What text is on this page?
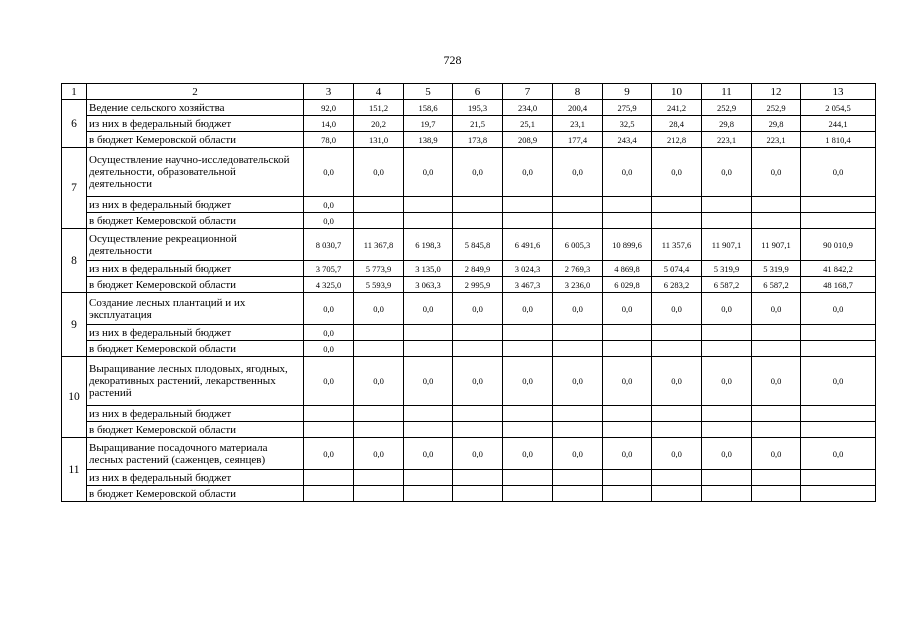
728
1	2	3	4	5	6	7	8	9	10	11	12	13
6	Ведение сельского хозяйства	92,0	151,2	158,6	195,3	234,0	200,4	275,9	241,2	252,9	252,9	2 054,5
	из них в федеральный бюджет	14,0	20,2	19,7	21,5	25,1	23,1	32,5	28,4	29,8	29,8	244,1
	в бюджет Кемеровской области	78,0	131,0	138,9	173,8	208,9	177,4	243,4	212,8	223,1	223,1	1 810,4
7	Осуществление научно-исследовательской деятельности, образовательной деятельности	0,0	0,0	0,0	0,0	0,0	0,0	0,0	0,0	0,0	0,0	0,0
	из них в федеральный бюджет	0,0										
	в бюджет Кемеровской области	0,0										
8	Осуществление рекреационной деятельности	8 030,7	11 367,8	6 198,3	5 845,8	6 491,6	6 005,3	10 899,6	11 357,6	11 907,1	11 907,1	90 010,9
	из них в федеральный бюджет	3 705,7	5 773,9	3 135,0	2 849,9	3 024,3	2 769,3	4 869,8	5 074,4	5 319,9	5 319,9	41 842,2
	в бюджет Кемеровской области	4 325,0	5 593,9	3 063,3	2 995,9	3 467,3	3 236,0	6 029,8	6 283,2	6 587,2	6 587,2	48 168,7
9	Создание лесных плантаций и их эксплуатация	0,0	0,0	0,0	0,0	0,0	0,0	0,0	0,0	0,0	0,0	0,0
	из них в федеральный бюджет	0,0										
	в бюджет Кемеровской области	0,0										
10	Выращивание лесных плодовых, ягодных, декоративных растений, лекарственных растений	0,0	0,0	0,0	0,0	0,0	0,0	0,0	0,0	0,0	0,0	0,0
	из них в федеральный бюджет											
	в бюджет Кемеровской области											
11	Выращивание посадочного материала лесных растений (саженцев, сеянцев)	0,0	0,0	0,0	0,0	0,0	0,0	0,0	0,0	0,0	0,0	0,0
	из них в федеральный бюджет											
	в бюджет Кемеровской области											
